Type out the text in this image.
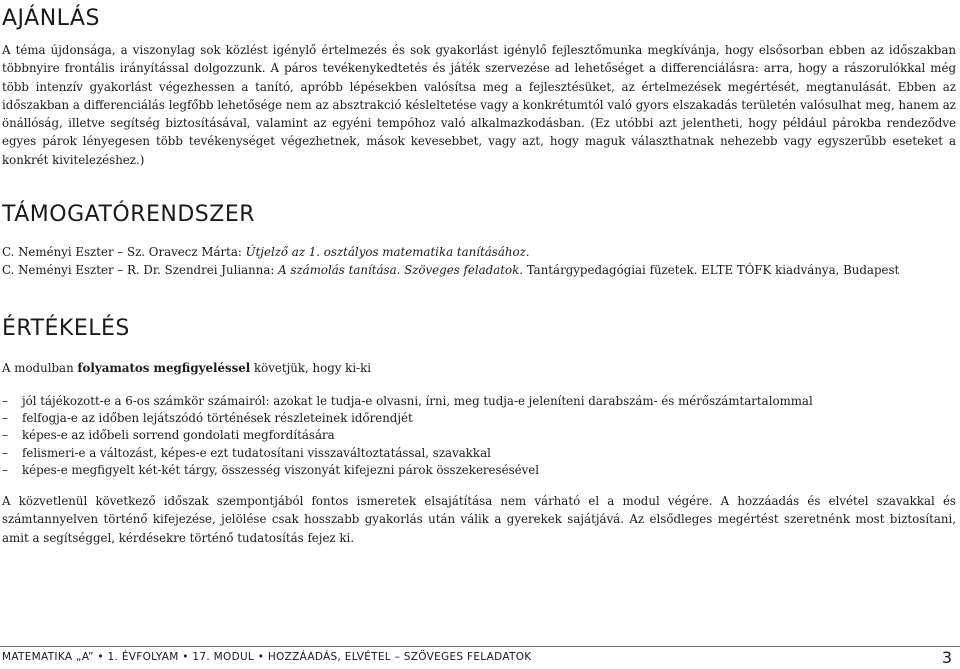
AJÁNLÁS

A téma újdonsága, a viszonylag sok közlést igénylő értelmezés és sok gyakorlást igénylő fejlesztőmunka megkívánja, hogy elsősorban ebben az időszakban többnyire frontális irányítással dolgozzunk. A páros tevékenykedtetés és játék szervezése ad lehetőséget a differenciálásra: arra, hogy a rászorulókkal még több intenzív gyakorlást végezhessen a tanító, apróbb lépésekben valósítsa meg a fejlesztésüket, az értelmezések megértését, megtanulását. Ebben az időszakban a differenciálás legfőbb lehetősége nem az absztrakció késleltetése vagy a konkrétumtól való gyors elszakadás területén valósulhat meg, hanem az önállóság, illetve segítség biztosításával, valamint az egyéni tempóhoz való alkalmazkodásban. (Ez utóbbi azt jelentheti, hogy például párokba rendeződve egyes párok lényegesen több tevékenységet végezhetnek, mások kevesebbet, vagy azt, hogy maguk választhatnak nehezebb vagy egyszerűbb eseteket a konkrét kivitelezéshez.)

TÁMOGATÓRENDSZER

C. Neményi Eszter – Sz. Oravecz Márta: Útjelző az 1. osztályos matematika tanításához.

C. Neményi Eszter – R. Dr. Szendrei Julianna: A számolás tanítása. Szöveges feladatok. Tantárgypedagógiai füzetek. ELTE TÓFK kiadványa, Budapest

ÉRTÉKELÉS

A modulban folyamatos megfigyeléssel követjük, hogy ki-ki

– jól tájékozott-e a 6-os számkör számairól: azokat le tudja-e olvasni, írni, meg tudja-e jeleníteni darabszám- és mérőszámtartalommal
– felfogja-e az időben lejátszódó történések részleteinek időrendjét
– képes-e az időbeli sorrend gondolati megfordítására
– felismeri-e a változást, képes-e ezt tudatosítani visszaváltoztatással, szavakkal
– képes-e megfigyelt két-két tárgy, összesség viszonyát kifejezni párok összekeresésével

A közvetlenül következő időszak szempontjából fontos ismeretek elsajátítása nem várható el a modul végére. A hozzáadás és elvétel szavakkal és számtannyelven történő kifejezése, jelölése csak hosszabb gyakorlás után válik a gyerekek sajátjává. Az elsődleges megértést szeretnénk most biztosítani, amit a segítséggel, kérdésekre történő tudatosítás fejez ki.

MATEMATIKA „A” • 1. ÉVFOLYAM • 17. MODUL • HOZZÁADÁS, ELVÉTEL – SZÖVEGES FELADATOK	3
